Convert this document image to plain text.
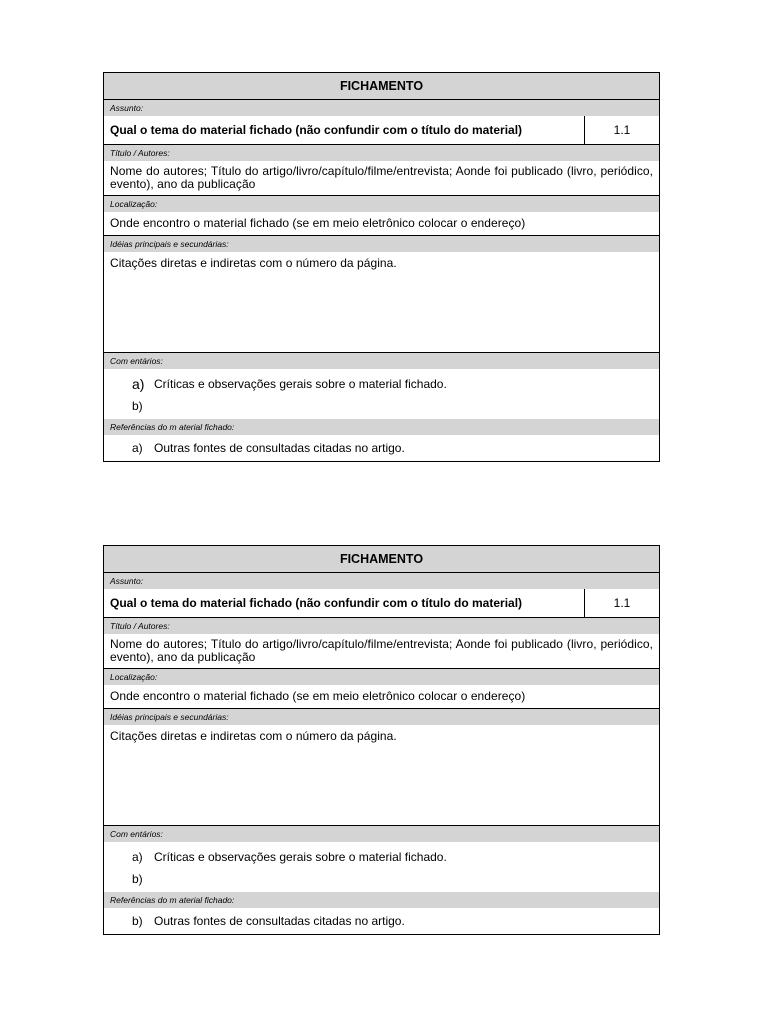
FICHAMENTO
Assunto:
Qual o tema do material fichado (não confundir com o título do material)	1.1
Título / Autores:
Nome do autores; Título do artigo/livro/capítulo/filme/entrevista; Aonde foi publicado (livro, periódico, evento), ano da publicação
Localização:
Onde encontro o material fichado (se em meio eletrônico colocar o endereço)
Idéias principais e secundárias:
Citações diretas e indiretas com o número da página.
Com entários:
a) Críticas e observações gerais sobre o material fichado.
b)
Referências do m aterial fichado:
a) Outras fontes de consultadas citadas no artigo.
FICHAMENTO
Assunto:
Qual o tema do material fichado (não confundir com o título do material)	1.1
Título / Autores:
Nome do autores; Título do artigo/livro/capítulo/filme/entrevista; Aonde foi publicado (livro, periódico, evento), ano da publicação
Localização:
Onde encontro o material fichado (se em meio eletrônico colocar o endereço)
Idéias principais e secundárias:
Citações diretas e indiretas com o número da página.
Com entários:
a) Críticas e observações gerais sobre o material fichado.
b)
Referências do m aterial fichado:
b) Outras fontes de consultadas citadas no artigo.
